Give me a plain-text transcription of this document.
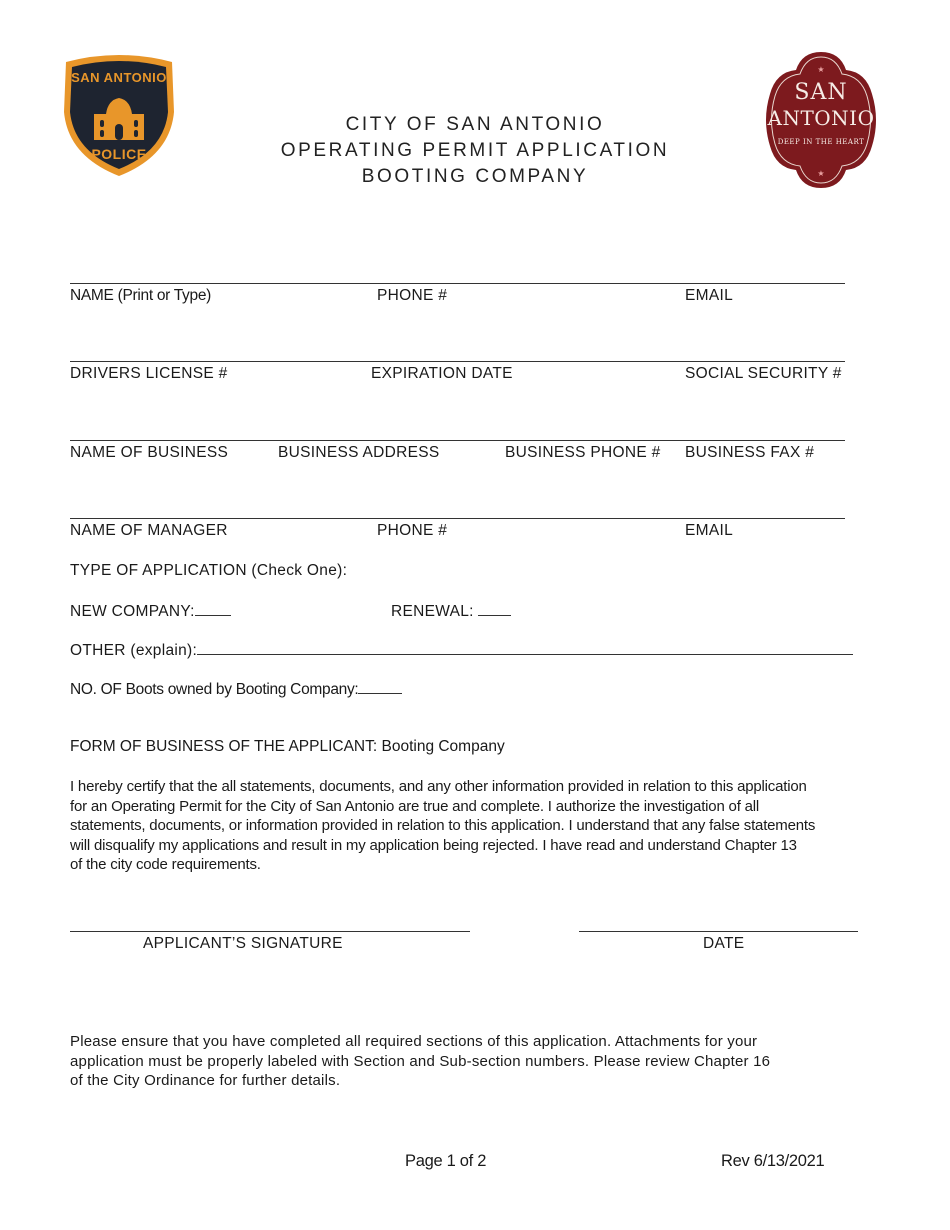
SAN ANTONIO
POLICE
★
★
SAN
ANTONIO
DEEP IN THE HEART
CITY OF SAN ANTONIO
OPERATING PERMIT APPLICATION
BOOTING COMPANY
NAME (Print or Type)	PHONE #	EMAIL
DRIVERS LICENSE #	EXPIRATION DATE	SOCIAL SECURITY #
NAME OF BUSINESS	BUSINESS ADDRESS	BUSINESS PHONE # BUSINESS FAX #
NAME OF MANAGER	PHONE #	EMAIL
TYPE OF APPLICATION (Check One):
NEW COMPANY:	RENEWAL:
OTHER (explain):
NO. OF Boots owned by Booting Company:
FORM OF BUSINESS OF THE APPLICANT: Booting Company
I hereby certify that the all statements, documents, and any other information provided in relation to this application
for an Operating Permit for the City of San Antonio are true and complete. I authorize the investigation of all
statements, documents, or information provided in relation to this application. I understand that any false statements
will disqualify my applications and result in my application being rejected. I have read and understand Chapter 13
of the city code requirements.
APPLICANT’S SIGNATURE	DATE
Please ensure that you have completed all required sections of this application. Attachments for your
application must be properly labeled with Section and Sub-section numbers. Please review Chapter 16
of the City Ordinance for further details.
Page 1 of 2	Rev 6/13/2021
